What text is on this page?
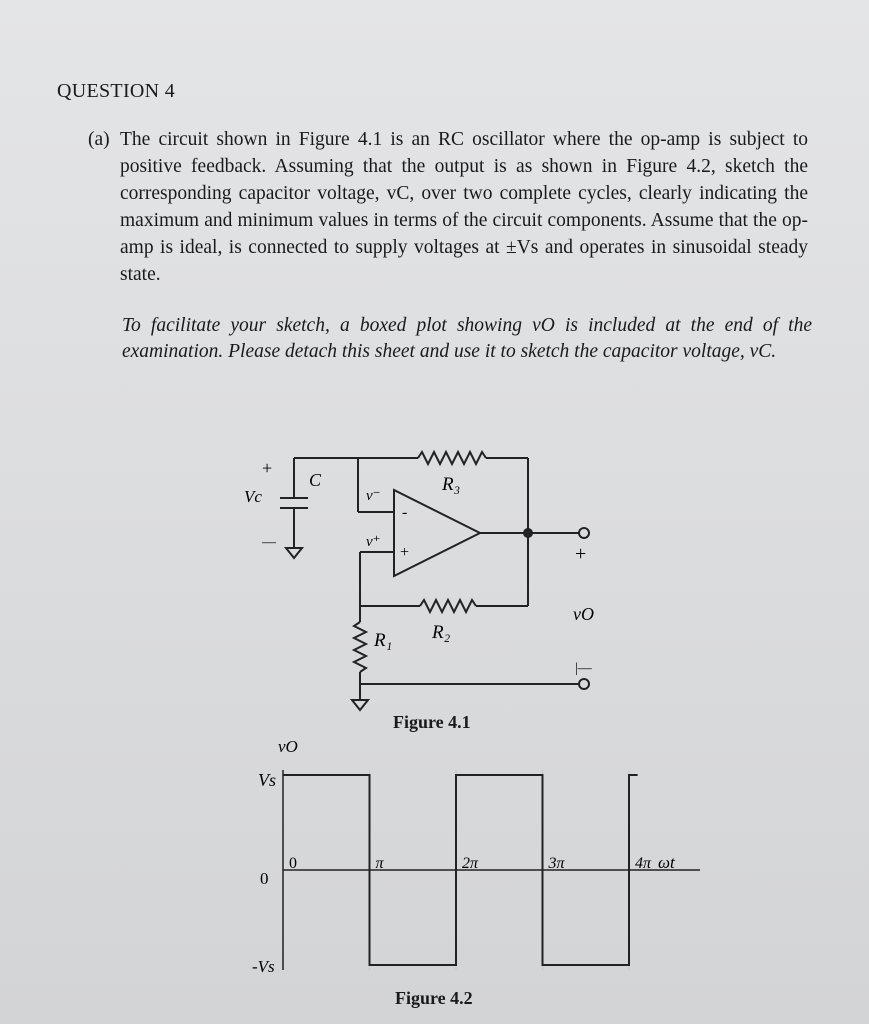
QUESTION 4
(a) The circuit shown in Figure 4.1 is an RC oscillator where the op-amp is subject to positive feedback. Assuming that the output is as shown in Figure 4.2, sketch the corresponding capacitor voltage, vC, over two complete cycles, clearly indicating the maximum and minimum values in terms of the circuit components. Assume that the op-amp is ideal, is connected to supply voltages at ±Vs and operates in sinusoidal steady state.
To facilitate your sketch, a boxed plot showing vO is included at the end of the examination. Please detach this sheet and use it to sketch the capacitor voltage, vC.
C
+
Vc
—
v⁻
v⁺
-
+
R₃
R₂
R₁
+
vO
|—
Figure 4.1
0	π	2π	3π	4π
vO
Vs
0
-Vs
ωt
Figure 4.2
